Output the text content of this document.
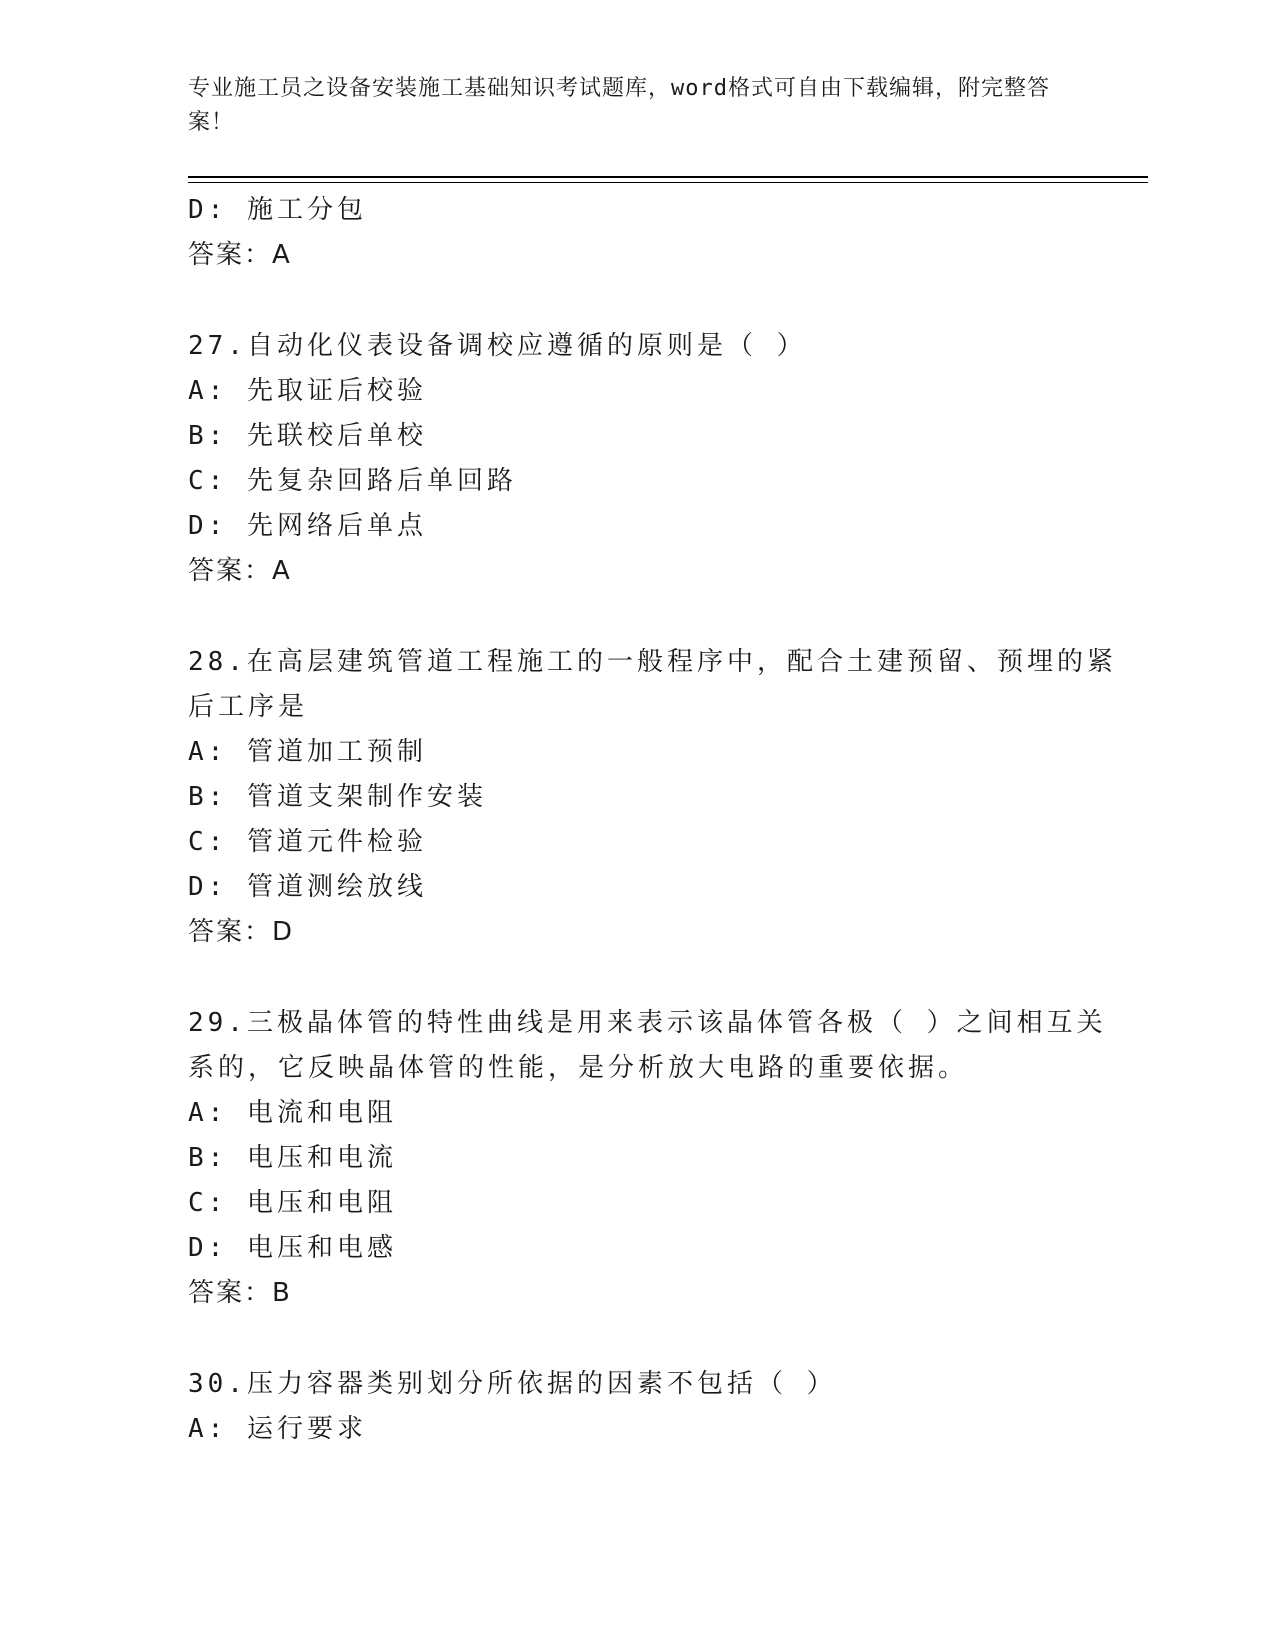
专业施工员之设备安装施工基础知识考试题库，word格式可自由下载编辑，附完整答案！
D: 施工分包
答案：A
27.自动化仪表设备调校应遵循的原则是（ ）
A: 先取证后校验
B: 先联校后单校
C: 先复杂回路后单回路
D: 先网络后单点
答案：A
28.在高层建筑管道工程施工的一般程序中，配合土建预留、预埋的紧
后工序是
A: 管道加工预制
B: 管道支架制作安装
C: 管道元件检验
D: 管道测绘放线
答案：D
29.三极晶体管的特性曲线是用来表示该晶体管各极（ ）之间相互关
系的，它反映晶体管的性能，是分析放大电路的重要依据。
A: 电流和电阻
B: 电压和电流
C: 电压和电阻
D: 电压和电感
答案：B
30.压力容器类别划分所依据的因素不包括（ ）
A: 运行要求
